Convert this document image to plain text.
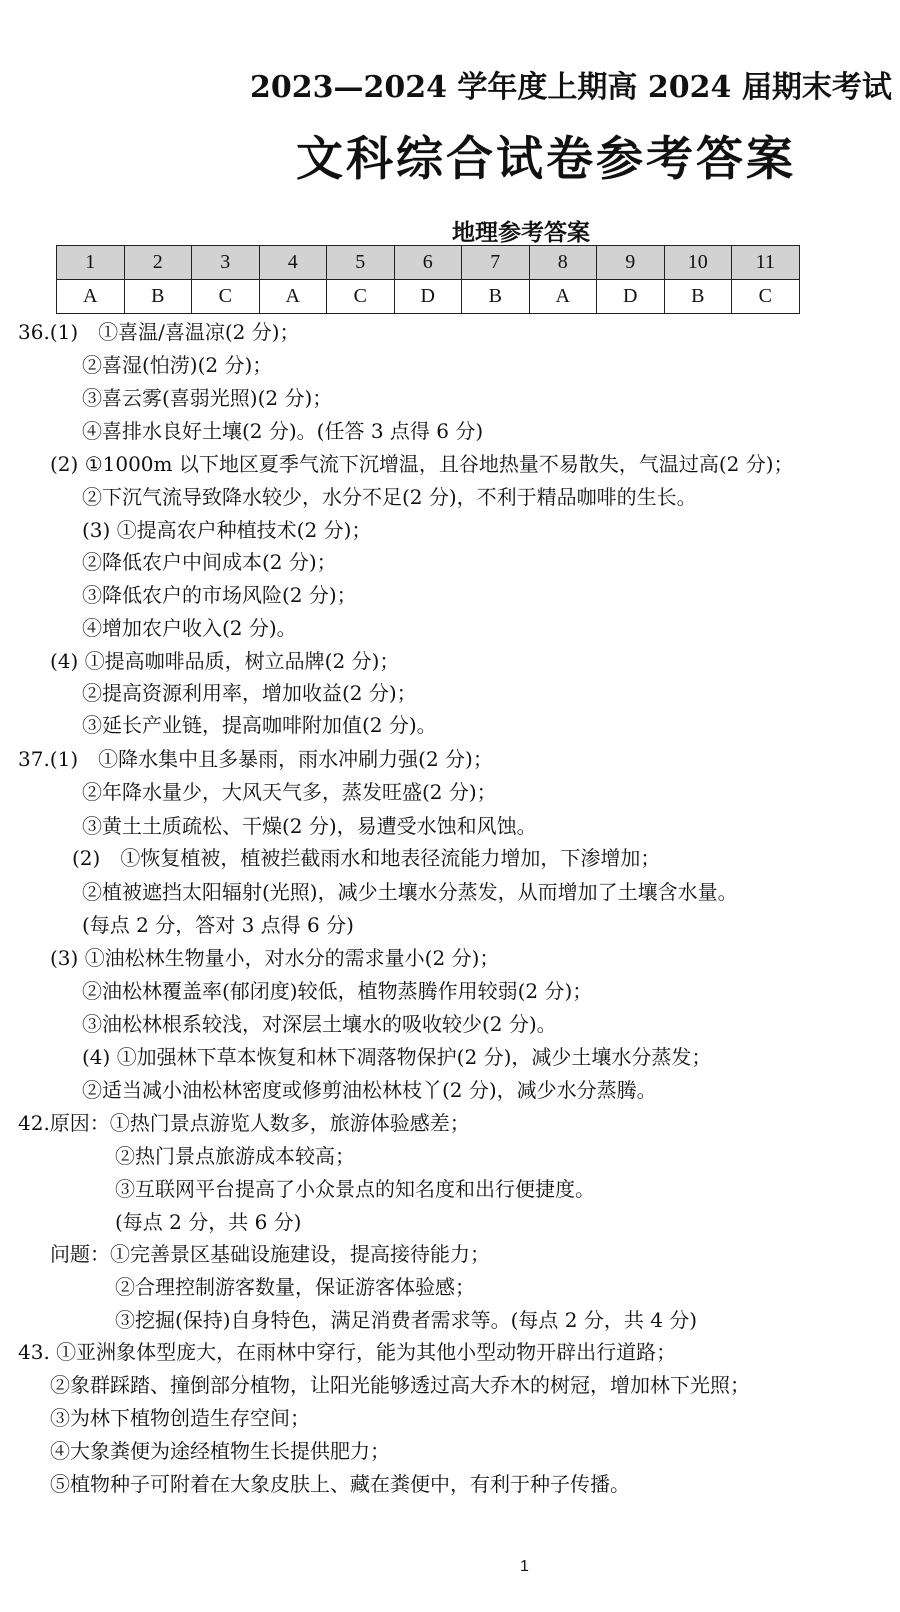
2023—2024 学年度上期高 2024 届期末考试
文科综合试卷参考答案
地理参考答案
1	2	3	4	5	6	7	8	9	10	11
A	B	C	A	C	D	B	A	D	B	C
36.(1)　①喜温/喜温凉(2 分)；
②喜湿(怕涝)(2 分)；
③喜云雾(喜弱光照)(2 分)；
④喜排水良好土壤(2 分)。(任答 3 点得 6 分)
(2) ①1000m 以下地区夏季气流下沉增温，且谷地热量不易散失，气温过高(2 分)；
②下沉气流导致降水较少，水分不足(2 分)，不利于精品咖啡的生长。
(3) ①提高农户种植技术(2 分)；
②降低农户中间成本(2 分)；
③降低农户的市场风险(2 分)；
④增加农户收入(2 分)。
(4) ①提高咖啡品质，树立品牌(2 分)；
②提高资源利用率，增加收益(2 分)；
③延长产业链，提高咖啡附加值(2 分)。
37.(1)　①降水集中且多暴雨，雨水冲刷力强(2 分)；
②年降水量少，大风天气多，蒸发旺盛(2 分)；
③黄土土质疏松、干燥(2 分)，易遭受水蚀和风蚀。
(2)　①恢复植被，植被拦截雨水和地表径流能力增加，下渗增加；
②植被遮挡太阳辐射(光照)，减少土壤水分蒸发，从而增加了土壤含水量。
(每点 2 分，答对 3 点得 6 分)
(3) ①油松林生物量小，对水分的需求量小(2 分)；
②油松林覆盖率(郁闭度)较低，植物蒸腾作用较弱(2 分)；
③油松林根系较浅，对深层土壤水的吸收较少(2 分)。
(4) ①加强林下草本恢复和林下凋落物保护(2 分)，减少土壤水分蒸发；
②适当减小油松林密度或修剪油松林枝丫(2 分)，减少水分蒸腾。
42.原因：①热门景点游览人数多，旅游体验感差；
②热门景点旅游成本较高；
③互联网平台提高了小众景点的知名度和出行便捷度。
(每点 2 分，共 6 分)
问题：①完善景区基础设施建设，提高接待能力；
②合理控制游客数量，保证游客体验感；
③挖掘(保持)自身特色，满足消费者需求等。(每点 2 分，共 4 分)
43. ①亚洲象体型庞大，在雨林中穿行，能为其他小型动物开辟出行道路；
②象群踩踏、撞倒部分植物，让阳光能够透过高大乔木的树冠，增加林下光照；
③为林下植物创造生存空间；
④大象粪便为途经植物生长提供肥力；
⑤植物种子可附着在大象皮肤上、藏在粪便中，有利于种子传播。
1
